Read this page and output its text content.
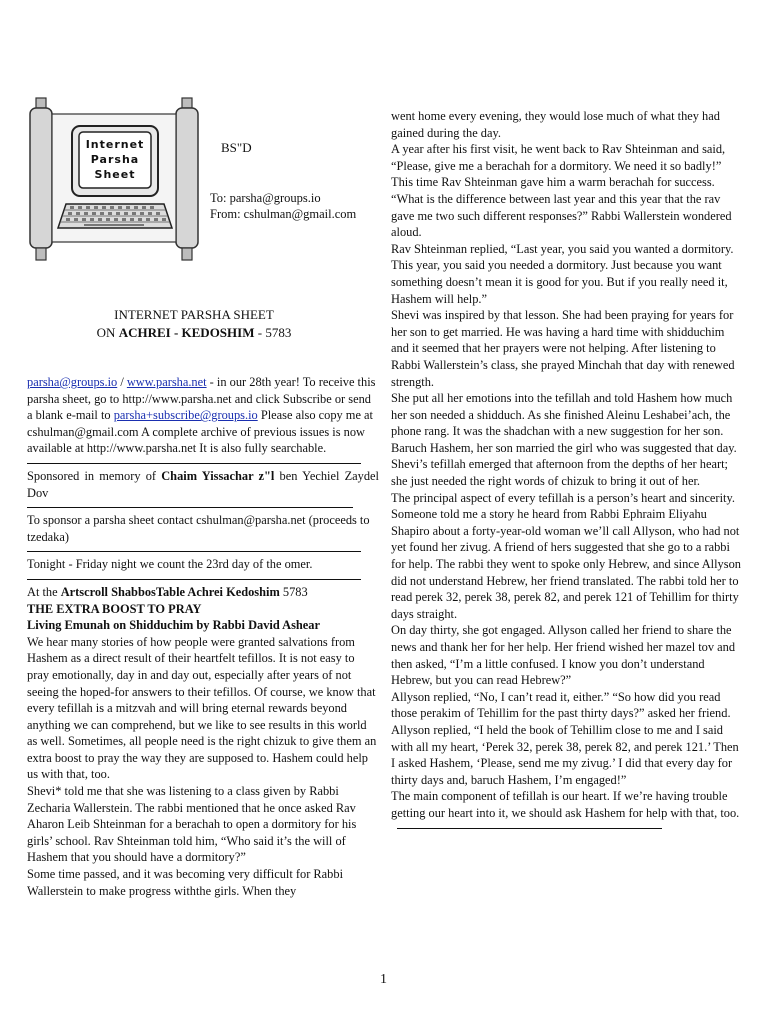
Internet
Parsha
Sheet
BS"D
To: parsha@groups.io
From: cshulman@gmail.com
INTERNET PARSHA SHEET
ON ACHREI - KEDOSHIM - 5783

parsha@groups.io / www.parsha.net - in our 28th year! To receive this parsha sheet, go to http://www.parsha.net and click Subscribe or send a blank e-mail to parsha+subscribe@groups.io Please also copy me at cshulman@gmail.com A complete archive of previous issues is now available at http://www.parsha.net It is also fully searchable.

Sponsored in memory of Chaim Yissachar z"l ben Yechiel Zaydel Dov

To sponsor a parsha sheet contact cshulman@parsha.net (proceeds to tzedaka)

Tonight - Friday night we count the 23rd day of the omer.

At the Artscroll ShabbosTable Achrei Kedoshim 5783

THE EXTRA BOOST TO PRAY

Living Emunah on Shidduchim by Rabbi David Ashear

We hear many stories of how people were granted salvations from Hashem as a direct result of their heartfelt tefillos. It is not easy to pray emotionally, day in and day out, especially after years of not seeing the hoped-for answers to their tefillos. Of course, we know that every tefillah is a mitzvah and will bring eternal rewards beyond anything we can comprehend, but we like to see results in this world as well. Sometimes, all people need is the right chizuk to give them an extra boost to pray the way they are supposed to. Hashem could help us with that, too.

Shevi* told me that she was listening to a class given by Rabbi Zecharia Wallerstein. The rabbi mentioned that he once asked Rav Aharon Leib Shteinman for a berachah to open a dormitory for his girls’ school. Rav Shteinman told him, “Who said it’s the will of Hashem that you should have a dormitory?”

Some time passed, and it was becoming very difficult for Rabbi Wallerstein to make progress withthe girls. When they

went home every evening, they would lose much of what they had gained during the day.

A year after his first visit, he went back to Rav Shteinman and said, “Please, give me a berachah for a dormitory. We need it so badly!” This time Rav Shteinman gave him a warm berachah for success.

“What is the difference between last year and this year that the rav gave me two such different responses?” Rabbi Wallerstein wondered aloud.

Rav Shteinman replied, “Last year, you said you wanted a dormitory. This year, you said you needed a dormitory. Just because you want something doesn’t mean it is good for you. But if you really need it, Hashem will help.”

Shevi was inspired by that lesson. She had been praying for years for her son to get married. He was having a hard time with shidduchim and it seemed that her prayers were not helping. After listening to Rabbi Wallerstein’s class, she prayed Minchah that day with renewed strength.

She put all her emotions into the tefillah and told Hashem how much her son needed a shidduch. As she finished Aleinu Leshabei’ach, the phone rang. It was the shadchan with a new suggestion for her son.

Baruch Hashem, her son married the girl who was suggested that day. Shevi’s tefillah emerged that afternoon from the depths of her heart; she just needed the right words of chizuk to bring it out of her.

The principal aspect of every tefillah is a person’s heart and sincerity.

Someone told me a story he heard from Rabbi Ephraim Eliyahu Shapiro about a forty-year-old woman we’ll call Allyson, who had not yet found her zivug. A friend of hers suggested that she go to a rabbi for help. The rabbi they went to spoke only Hebrew, and since Allyson did not understand Hebrew, her friend translated. The rabbi told her to read perek 32, perek 38, perek 82, and perek 121 of Tehillim for thirty days straight.

On day thirty, she got engaged. Allyson called her friend to share the news and thank her for her help. Her friend wished her mazel tov and then asked, “I’m a little confused. I know you don’t understand Hebrew, but you can read Hebrew?”

Allyson replied, “No, I can’t read it, either.” “So how did you read those perakim of Tehillim for the past thirty days?” asked her friend. Allyson replied, “I held the book of Tehillim close to me and I said with all my heart, ‘Perek 32, perek 38, perek 82, and perek 121.’ Then I asked Hashem, ‘Please, send me my zivug.’ I did that every day for thirty days and, baruch Hashem, I’m engaged!”

The main component of tefillah is our heart. If we’re having trouble getting our heart into it, we should ask Hashem for help with that, too.

1
